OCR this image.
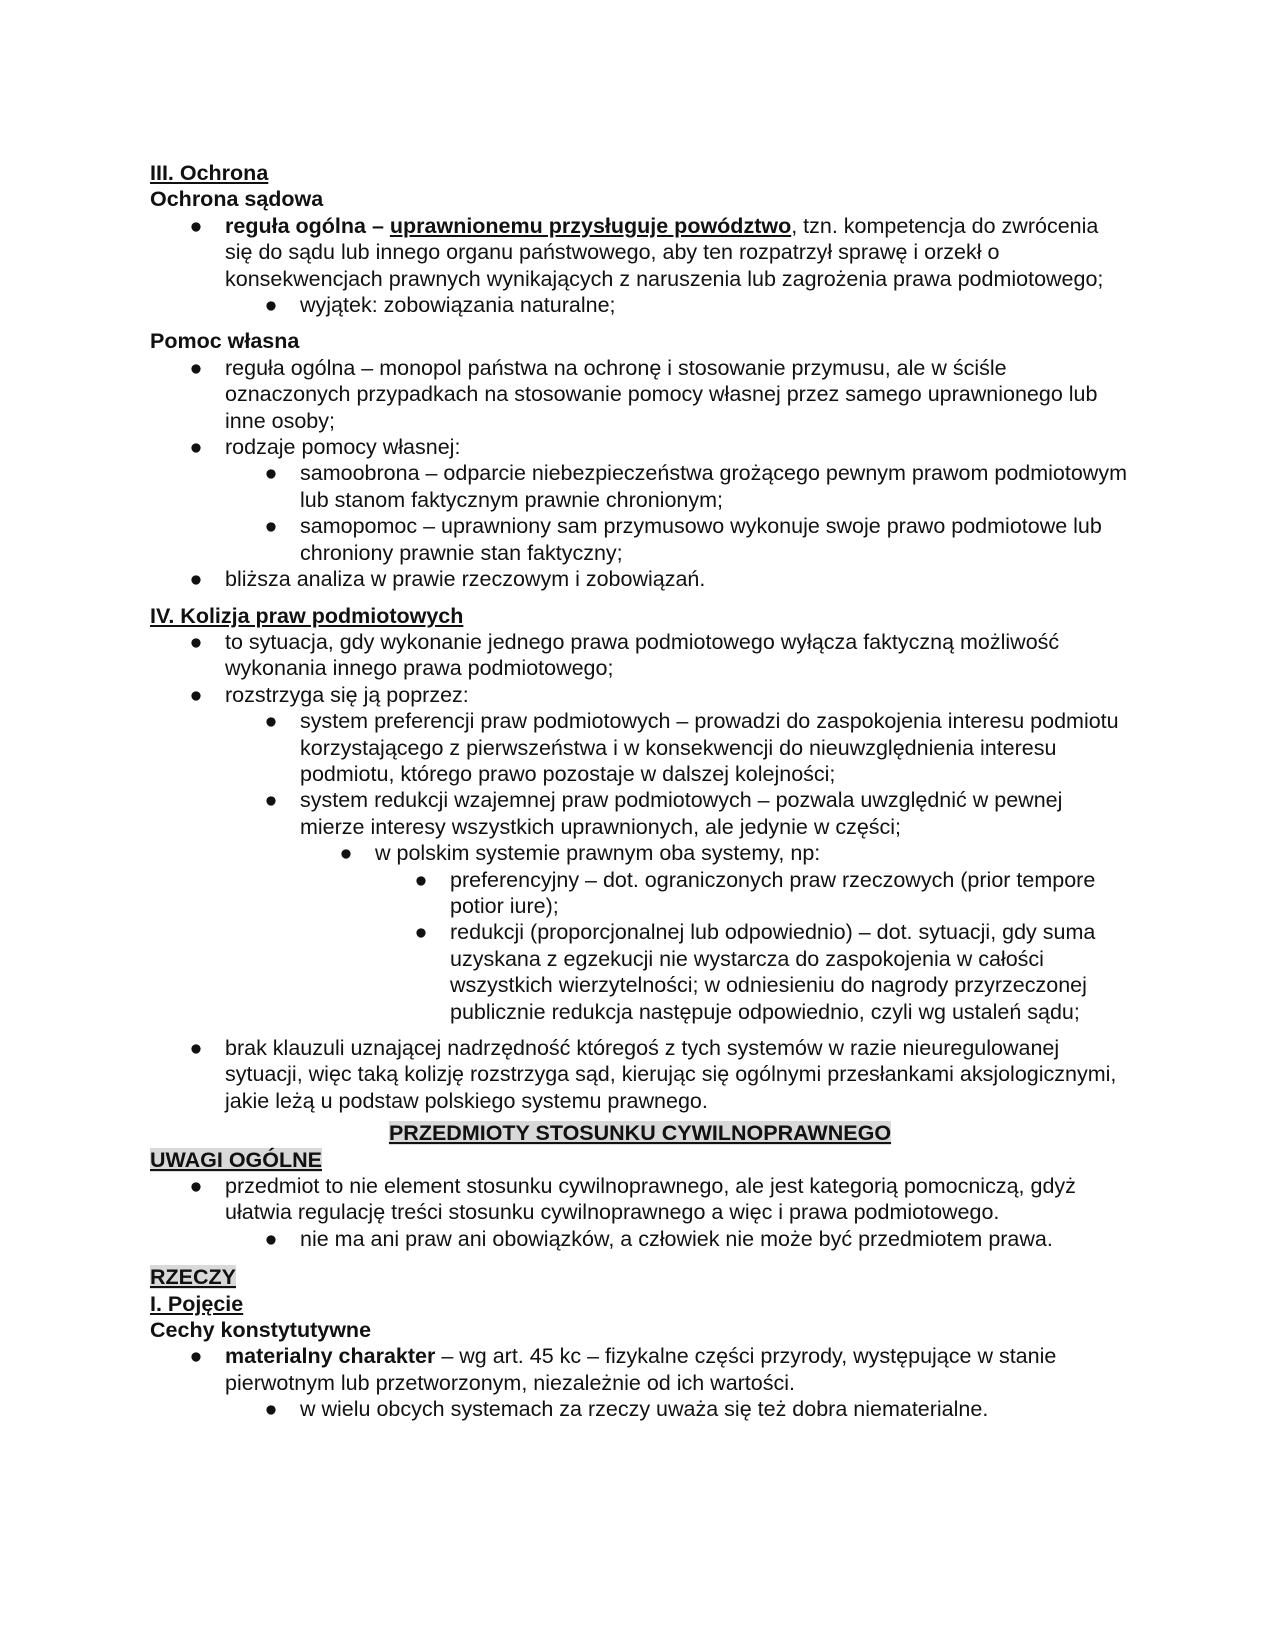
III. Ochrona
Ochrona sądowa
● reguła ogólna – uprawnionemu przysługuje powództwo, tzn. kompetencja do zwrócenia się do sądu lub innego organu państwowego, aby ten rozpatrzył sprawę i orzekł o konsekwencjach prawnych wynikających z naruszenia lub zagrożenia prawa podmiotowego;
● wyjątek: zobowiązania naturalne;
Pomoc własna
● reguła ogólna – monopol państwa na ochronę i stosowanie przymusu, ale w ściśle oznaczonych przypadkach na stosowanie pomocy własnej przez samego uprawnionego lub inne osoby;
● rodzaje pomocy własnej:
● samoobrona – odparcie niebezpieczeństwa grożącego pewnym prawom podmiotowym lub stanom faktycznym prawnie chronionym;
● samopomoc – uprawniony sam przymusowo wykonuje swoje prawo podmiotowe lub chroniony prawnie stan faktyczny;
● bliższa analiza w prawie rzeczowym i zobowiązań.
IV. Kolizja praw podmiotowych
● to sytuacja, gdy wykonanie jednego prawa podmiotowego wyłącza faktyczną możliwość wykonania innego prawa podmiotowego;
● rozstrzyga się ją poprzez:
● system preferencji praw podmiotowych – prowadzi do zaspokojenia interesu podmiotu korzystającego z pierwszeństwa i w konsekwencji do nieuwzględnienia interesu podmiotu, którego prawo pozostaje w dalszej kolejności;
● system redukcji wzajemnej praw podmiotowych – pozwala uwzględnić w pewnej mierze interesy wszystkich uprawnionych, ale jedynie w części;
● w polskim systemie prawnym oba systemy, np:
● preferencyjny – dot. ograniczonych praw rzeczowych (prior tempore potior iure);
● redukcji (proporcjonalnej lub odpowiednio) – dot. sytuacji, gdy suma uzyskana z egzekucji nie wystarcza do zaspokojenia w całości wszystkich wierzytelności; w odniesieniu do nagrody przyrzeczonej publicznie redukcja następuje odpowiednio, czyli wg ustaleń sądu;
● brak klauzuli uznającej nadrzędność któregoś z tych systemów w razie nieuregulowanej sytuacji, więc taką kolizję rozstrzyga sąd, kierując się ogólnymi przesłankami aksjologicznymi, jakie leżą u podstaw polskiego systemu prawnego.
PRZEDMIOTY STOSUNKU CYWILNOPRAWNEGO
UWAGI OGÓLNE
● przedmiot to nie element stosunku cywilnoprawnego, ale jest kategorią pomocniczą, gdyż ułatwia regulację treści stosunku cywilnoprawnego a więc i prawa podmiotowego.
● nie ma ani praw ani obowiązków, a człowiek nie może być przedmiotem prawa.
RZECZY
I. Pojęcie
Cechy konstytutywne
● materialny charakter – wg art. 45 kc – fizykalne części przyrody, występujące w stanie pierwotnym lub przetworzonym, niezależnie od ich wartości.
● w wielu obcych systemach za rzeczy uważa się też dobra niematerialne.
